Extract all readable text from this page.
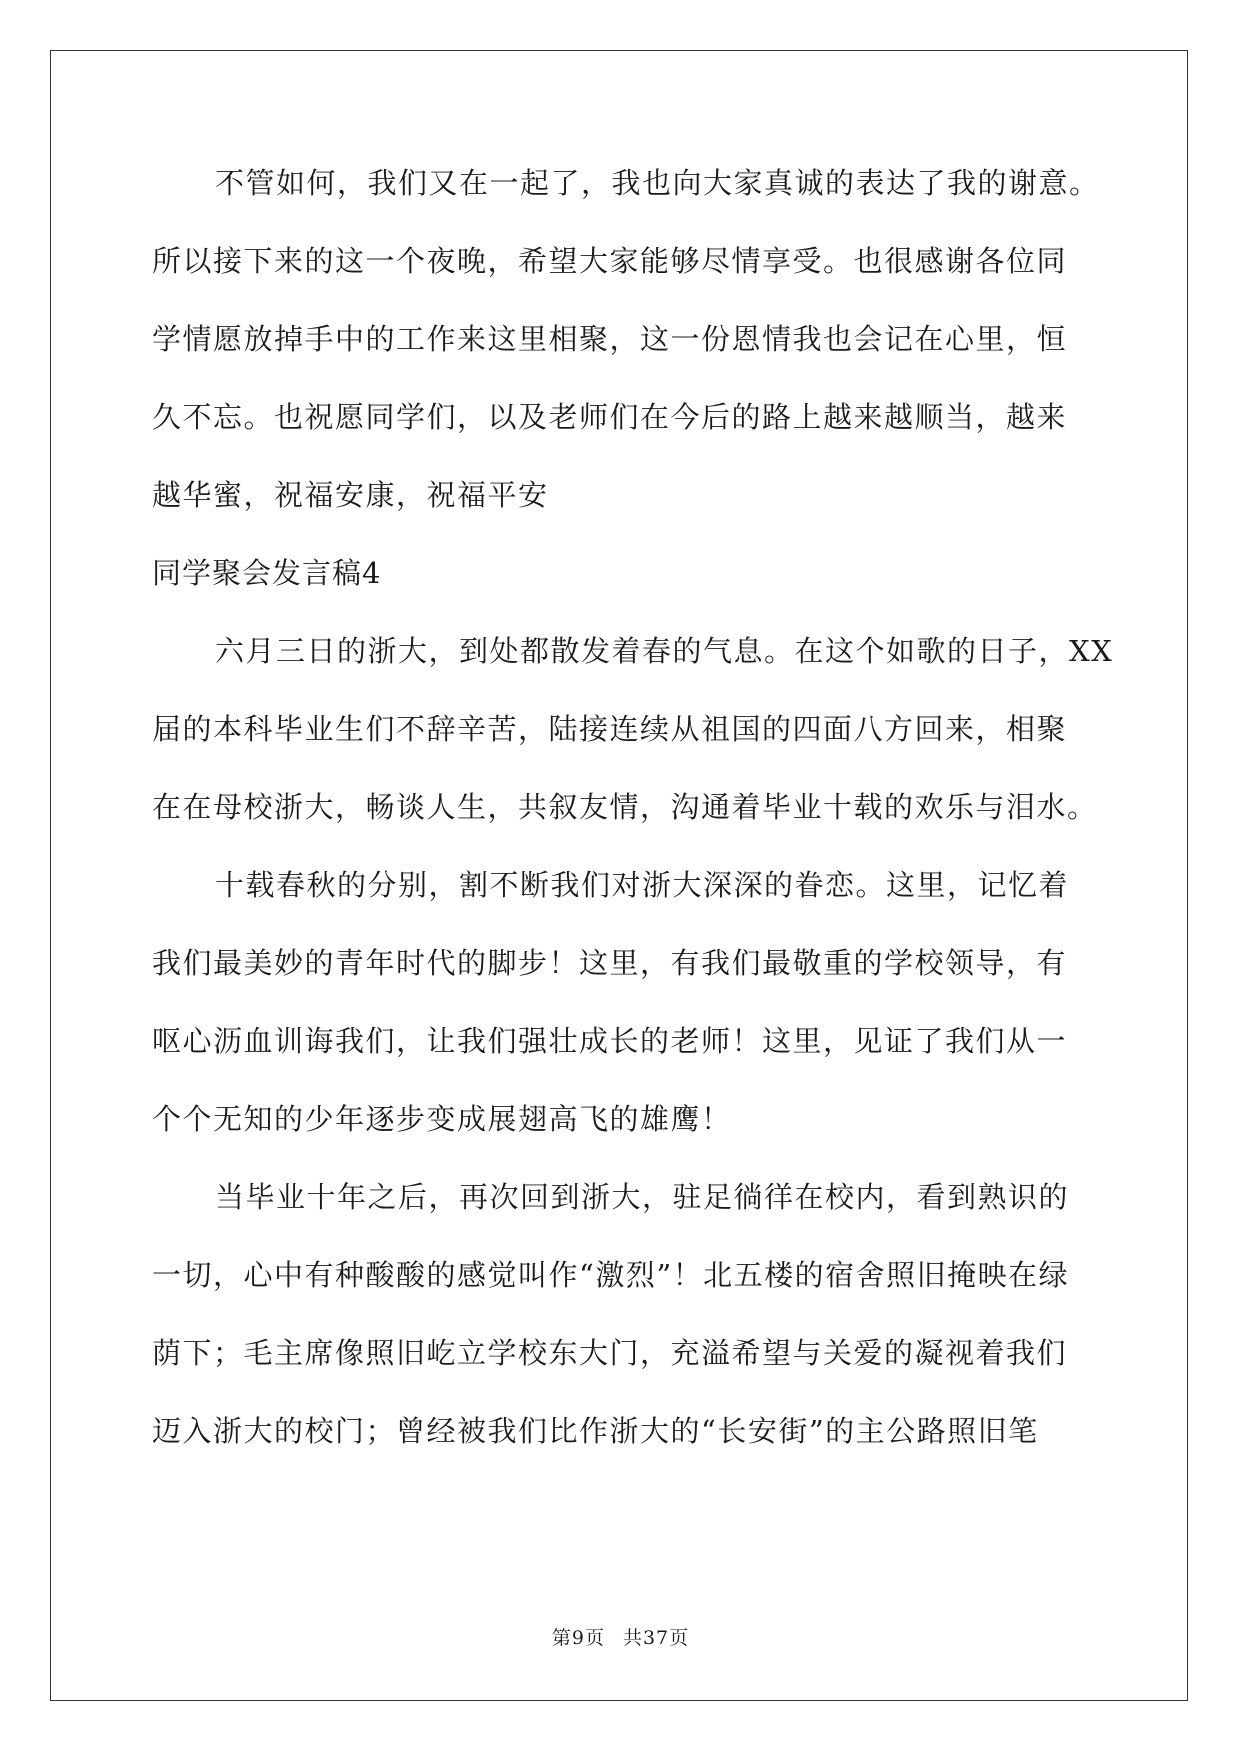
不管如何，我们又在一起了，我也向大家真诚的表达了我的谢意。
所以接下来的这一个夜晚，希望大家能够尽情享受。也很感谢各位同
学情愿放掉手中的工作来这里相聚，这一份恩情我也会记在心里，恒
久不忘。也祝愿同学们，以及老师们在今后的路上越来越顺当，越来
越华蜜，祝福安康，祝福平安
同学聚会发言稿4
六月三日的浙大，到处都散发着春的气息。在这个如歌的日子，XX
届的本科毕业生们不辞辛苦，陆接连续从祖国的四面八方回来，相聚
在在母校浙大，畅谈人生，共叙友情，沟通着毕业十载的欢乐与泪水。
十载春秋的分别，割不断我们对浙大深深的眷恋。这里，记忆着
我们最美妙的青年时代的脚步！这里，有我们最敬重的学校领导，有
呕心沥血训诲我们，让我们强壮成长的老师！这里，见证了我们从一
个个无知的少年逐步变成展翅高飞的雄鹰！
当毕业十年之后，再次回到浙大，驻足徜徉在校内，看到熟识的
一切，心中有种酸酸的感觉叫作“激烈”！北五楼的宿舍照旧掩映在绿
荫下；毛主席像照旧屹立学校东大门，充溢希望与关爱的凝视着我们
迈入浙大的校门；曾经被我们比作浙大的“长安街”的主公路照旧笔
第9页 共37页
